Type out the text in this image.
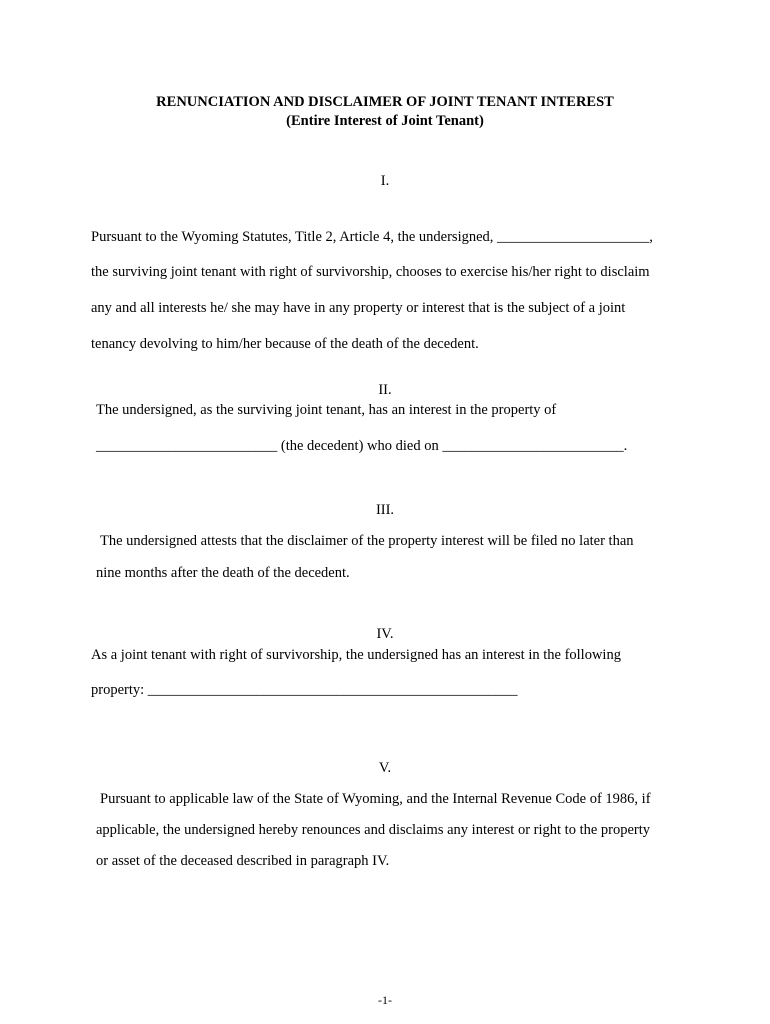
RENUNCIATION AND DISCLAIMER OF JOINT TENANT INTEREST
(Entire Interest of Joint Tenant)
I.
Pursuant to the Wyoming Statutes, Title 2, Article 4, the undersigned, _____________________,
the surviving joint tenant with right of survivorship, chooses to exercise his/her right to disclaim
any and all interests he/ she may have in any property or interest that is the subject of a joint
tenancy devolving to him/her because of the death of the decedent.
II.
The undersigned, as the surviving joint tenant, has an interest in the property of
_________________________ (the decedent) who died on _________________________.
III.
The undersigned attests that the disclaimer of the property interest will be filed no later than
nine months after the death of the decedent.
IV.
As a joint tenant with right of survivorship, the undersigned has an interest in the following
property: ___________________________________________________
V.
Pursuant to applicable law of the State of Wyoming, and the Internal Revenue Code of 1986, if
applicable, the undersigned hereby renounces and disclaims any interest or right to the property
or asset of the deceased described in paragraph IV.
-1-
